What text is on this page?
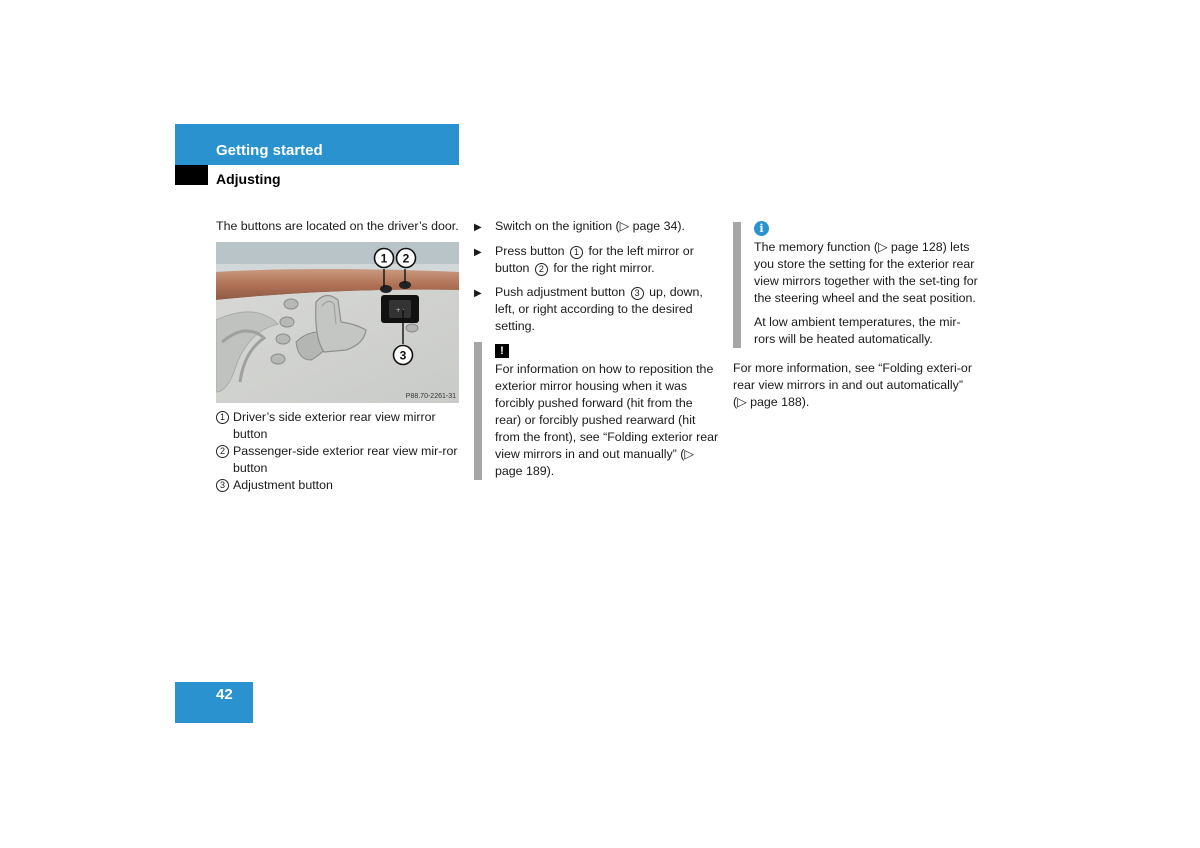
Getting started
Adjusting

The buttons are located on the driver’s door.

+ ·
1 2
3
P88.70-2261-31
1 Driver’s side exterior rear view mirror button
2 Passenger-side exterior rear view mir-ror button
3 Adjustment button
▶	Switch on the ignition (▷ page 34).
▶	Press button 1 for the left mirror or button 2 for the right mirror.
▶	Push adjustment button 3 up, down, left, or right according to the desired setting.
!

For information on how to reposition the exterior mirror housing when it was forcibly pushed forward (hit from the rear) or forcibly pushed rearward (hit from the front), see “Folding exterior rear view mirrors in and out manually” (▷ page 189).

i

The memory function (▷ page 128) lets you store the setting for the exterior rear view mirrors together with the set-ting for the steering wheel and the seat position.

At low ambient temperatures, the mir-rors will be heated automatically.

For more information, see “Folding exteri-or rear view mirrors in and out automatically” (▷ page 188).

42
